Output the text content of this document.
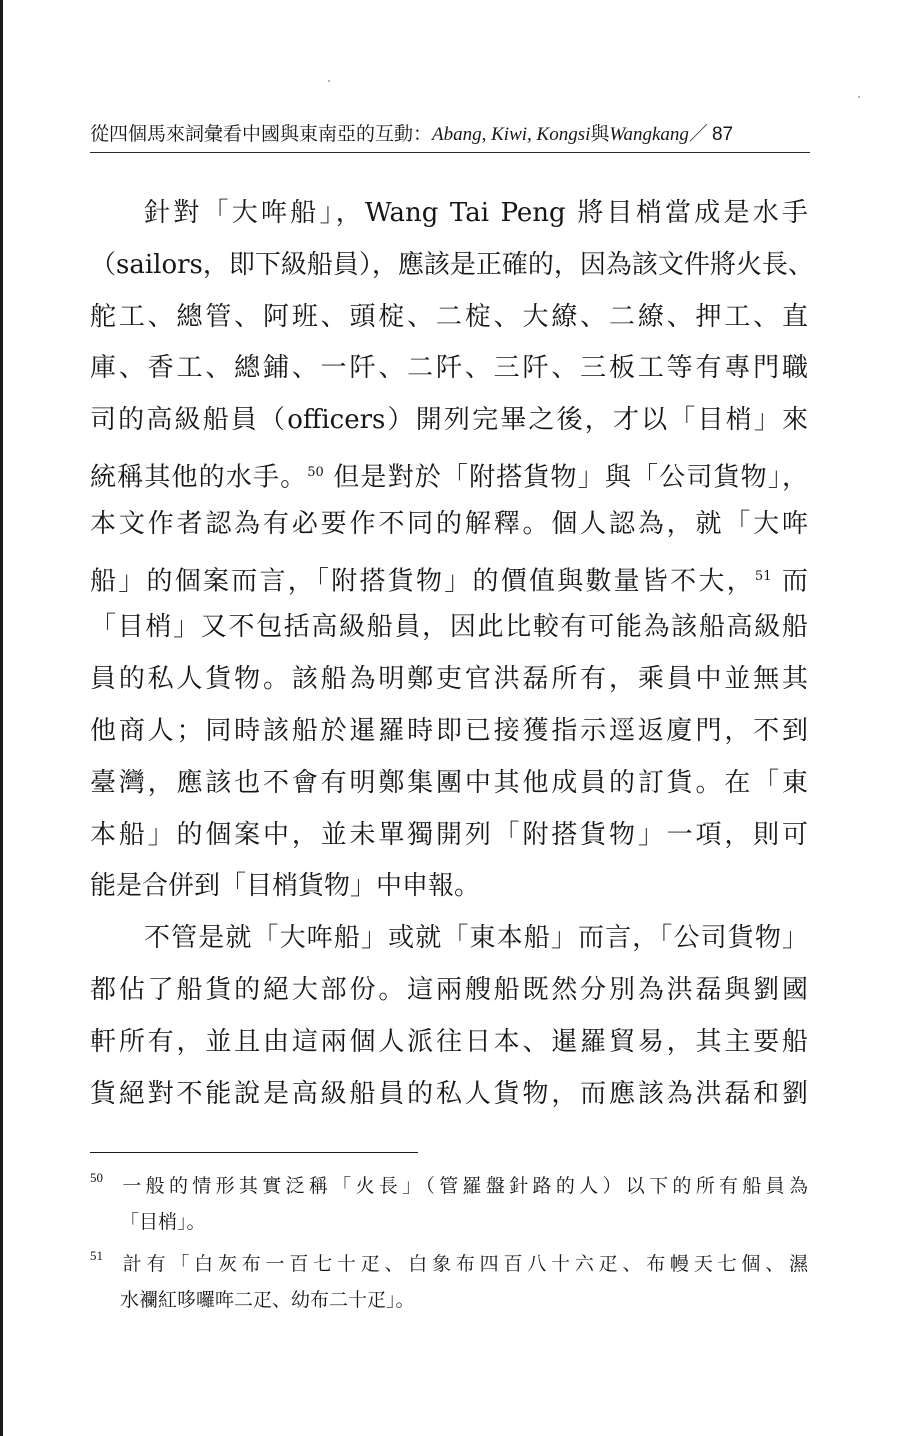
從四個馬來詞彙看中國與東南亞的互動：Abang, Kiwi, Kongsi與Wangkang／ 87
針對「大哖船」，Wang Tai Peng 將目梢當成是水手
（sailors，即下級船員），應該是正確的，因為該文件將火長、
舵工、總管、阿班、頭椗、二椗、大繚、二繚、押工、直
庫、香工、總鋪、一阡、二阡、三阡、三板工等有專門職
司的高級船員（officers）開列完畢之後，才以「目梢」來
統稱其他的水手。$^{50}$ 但是對於「附搭貨物」與「公司貨物」，
本文作者認為有必要作不同的解釋。個人認為，就「大哖
船」的個案而言，「附搭貨物」的價值與數量皆不大，$^{51}$ 而
「目梢」又不包括高級船員，因此比較有可能為該船高級船
員的私人貨物。該船為明鄭吏官洪磊所有，乘員中並無其
他商人；同時該船於暹羅時即已接獲指示逕返廈門，不到
臺灣，應該也不會有明鄭集團中其他成員的訂貨。在「東
本船」的個案中，並未單獨開列「附搭貨物」一項，則可
能是合併到「目梢貨物」中申報。
不管是就「大哖船」或就「東本船」而言，「公司貨物」
都佔了船貨的絕大部份。這兩艘船既然分別為洪磊與劉國
軒所有，並且由這兩個人派往日本、暹羅貿易，其主要船
貨絕對不能說是高級船員的私人貨物，而應該為洪磊和劉
50 一般的情形其實泛稱「火長」（管羅盤針路的人）以下的所有船員為
「目梢」。
51 計有「白灰布一百七十疋、白象布四百八十六疋、布幔天七個、濕
水襴紅哆囉哖二疋、幼布二十疋」。
